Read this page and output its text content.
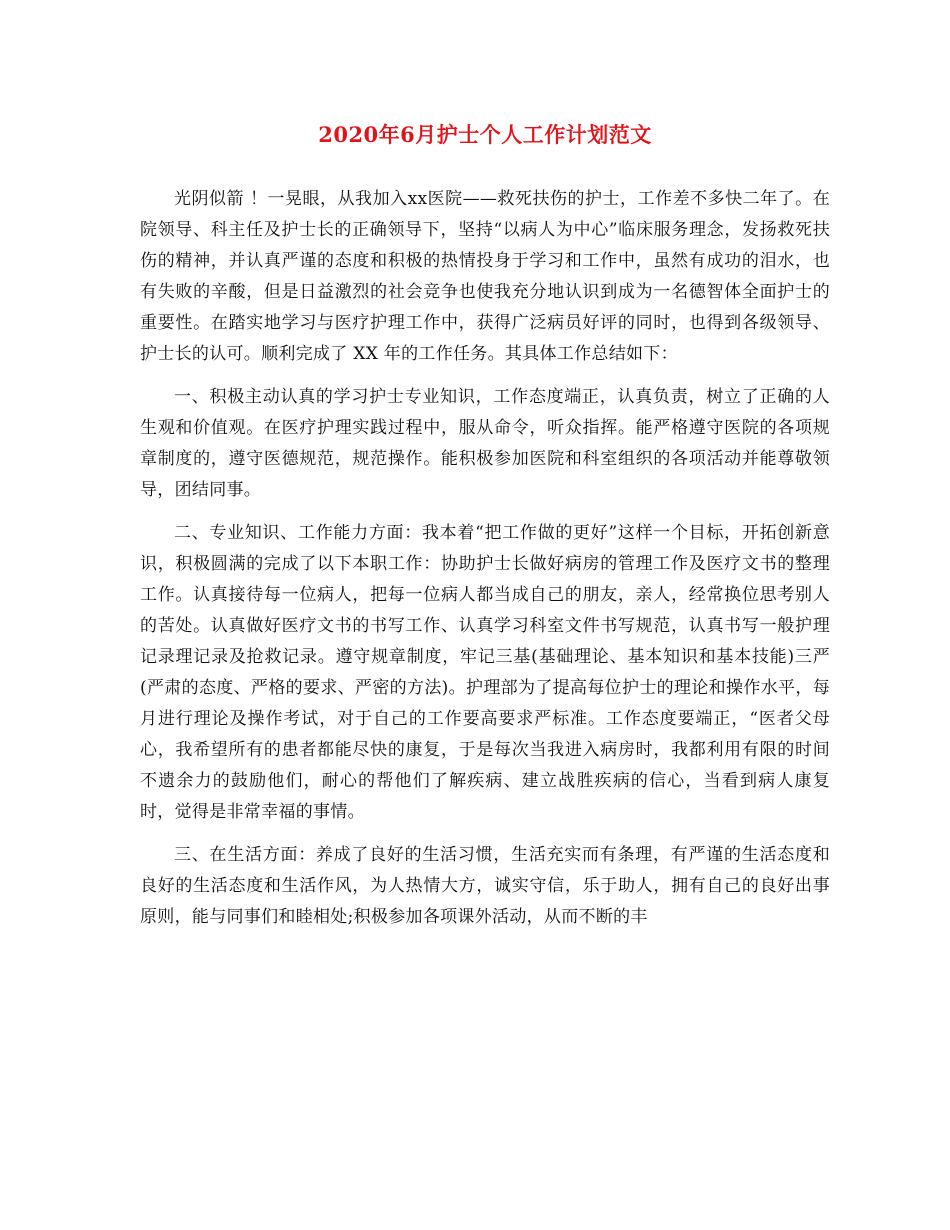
2020年6月护士个人工作计划范文

光阴似箭 ！一晃眼，从我加入xx医院——救死扶伤的护士，工作差不多快二年了。在院领导、科主任及护士长的正确领导下，坚持“以病人为中心”临床服务理念，发扬救死扶伤的精神，并认真严谨的态度和积极的热情投身于学习和工作中，虽然有成功的泪水，也有失败的辛酸，但是日益激烈的社会竞争也使我充分地认识到成为一名德智体全面护士的重要性。在踏实地学习与医疗护理工作中，获得广泛病员好评的同时，也得到各级领导、护士长的认可。顺利完成了 XX 年的工作任务。其具体工作总结如下：

一、积极主动认真的学习护士专业知识，工作态度端正，认真负责，树立了正确的人生观和价值观。在医疗护理实践过程中，服从命令，听众指挥。能严格遵守医院的各项规章制度的，遵守医德规范，规范操作。能积极参加医院和科室组织的各项活动并能尊敬领导，团结同事。

二、专业知识、工作能力方面：我本着“把工作做的更好”这样一个目标，开拓创新意识，积极圆满的完成了以下本职工作：协助护士长做好病房的管理工作及医疗文书的整理工作。认真接待每一位病人，把每一位病人都当成自己的朋友，亲人，经常换位思考别人的苦处。认真做好医疗文书的书写工作、认真学习科室文件书写规范，认真书写一般护理记录理记录及抢救记录。遵守规章制度，牢记三基(基础理论、基本知识和基本技能)三严(严肃的态度、严格的要求、严密的方法)。护理部为了提高每位护士的理论和操作水平，每月进行理论及操作考试，对于自己的工作要高要求严标准。工作态度要端正，“医者父母心，我希望所有的患者都能尽快的康复，于是每次当我进入病房时，我都利用有限的时间不遗余力的鼓励他们，耐心的帮他们了解疾病、建立战胜疾病的信心，当看到病人康复时，觉得是非常幸福的事情。

三、在生活方面：养成了良好的生活习惯，生活充实而有条理，有严谨的生活态度和良好的生活态度和生活作风，为人热情大方，诚实守信，乐于助人，拥有自己的良好出事原则，能与同事们和睦相处;积极参加各项课外活动，从而不断的丰
